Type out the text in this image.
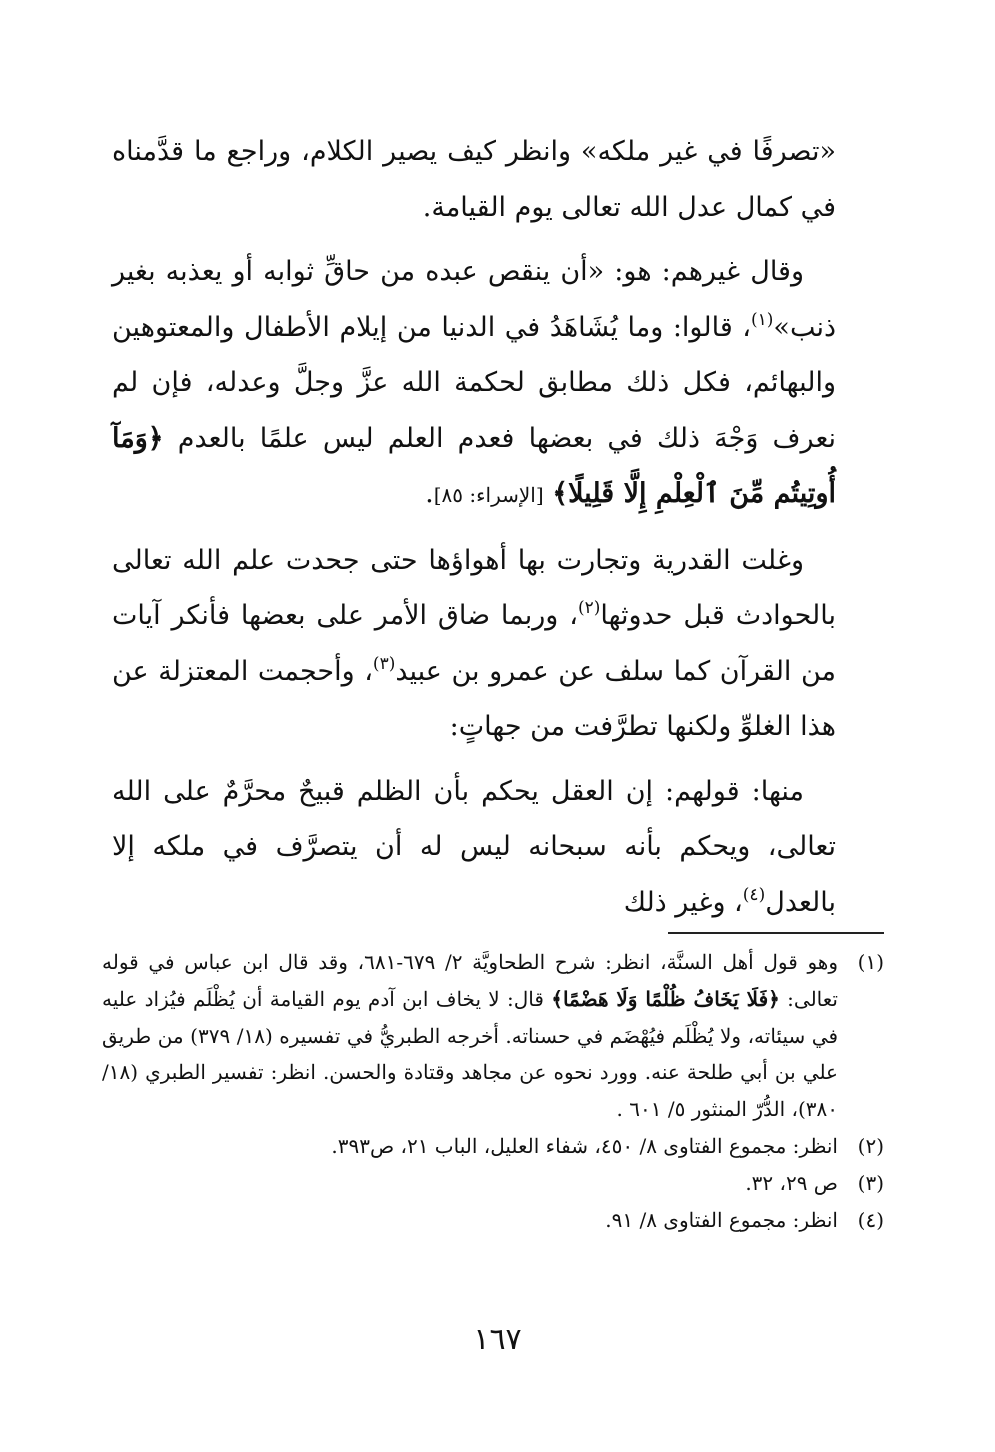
«تصرفًا في غير ملكه» وانظر كيف يصير الكلام، وراجع ما قدَّمناه في كمال عدل الله تعالى يوم القيامة.

وقال غيرهم: هو: «أن ينقص عبده من حاقِّ ثوابه أو يعذبه بغير ذنب»$^{(١)}$، قالوا: وما يُشَاهَدُ في الدنيا من إيلام الأطفال والمعتوهين والبهائم، فكل ذلك مطابق لحكمة الله عزَّ وجلَّ وعدله، فإن لم نعرف وَجْهَ ذلك في بعضها فعدم العلم ليس علمًا بالعدم ﴿وَمَآ أُوتِيتُم مِّنَ ٱلْعِلْمِ إِلَّا قَلِيلًا﴾ [الإسراء: ٨٥].

وغلت القدرية وتجارت بها أهواؤها حتى جحدت علم الله تعالى بالحوادث قبل حدوثها$^{(٢)}$، وربما ضاق الأمر على بعضها فأنكر آيات من القرآن كما سلف عن عمرو بن عبيد$^{(٣)}$، وأحجمت المعتزلة عن هذا الغلوِّ ولكنها تطرَّفت من جهاتٍ:

منها: قولهم: إن العقل يحكم بأن الظلم قبيحٌ محرَّمٌ على الله تعالى، ويحكم بأنه سبحانه ليس له أن يتصرَّف في ملكه إلا بالعدل$^{(٤)}$، وغير ذلك

(١)
وهو قول أهل السنَّة، انظر: شرح الطحاويَّة ٢/ ٦٧٩-٦٨١، وقد قال ابن عباس في قوله تعالى: ﴿فَلَا يَخَافُ ظُلْمًا وَلَا هَضْمًا﴾ قال: لا يخاف ابن آدم يوم القيامة أن يُظْلَم فيُزاد عليه في سيئاته، ولا يُظْلَم فيُهْضَم في حسناته. أخرجه الطبريُّ في تفسيره (١٨/ ٣٧٩) من طريق علي بن أبي طلحة عنه. وورد نحوه عن مجاهد وقتادة والحسن. انظر: تفسير الطبري (١٨/ ٣٨٠)، الدُّرّ المنثور ٥/ ٦٠١ .
(٢)
انظر: مجموع الفتاوى ٨/ ٤٥٠، شفاء العليل، الباب ٢١، ص٣٩٣.
(٣)
ص ٢٩، ٣٢.
(٤)
انظر: مجموع الفتاوى ٨/ ٩١.
١٦٧
